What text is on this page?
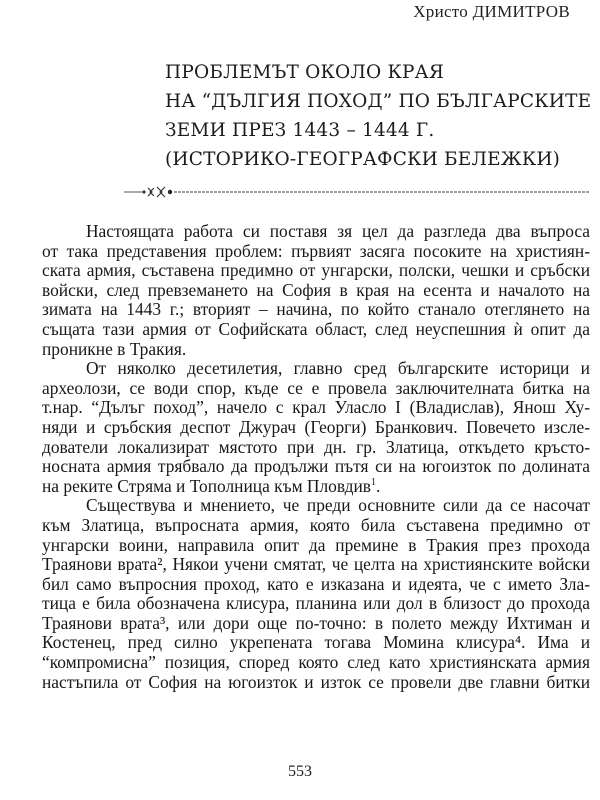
Христо ДИМИТРОВ
ПРОБЛЕМЪТ ОКОЛО КРАЯ
НА “ДЪЛГИЯ ПОХОД” ПО БЪЛГАРСКИТЕ
ЗЕМИ ПРЕЗ 1443 – 1444 Г.
(ИСТОРИКО-ГЕОГРАФСКИ БЕЛЕЖКИ)

Настоящата работа си поставя зя цел да разгледа два въпроса
от така представения проблем: първият засяга посоките на християн-
ската армия, съставена предимно от унгарски, полски, чешки и сръбски
войски, след превземането на София в края на есента и началото на
зимата на 1443 г.; вторият – начина, по който станало отеглянето на
същата тази армия от Софийската област, след неуспешния ѝ опит да
проникне в Тракия.

От няколко десетилетия, главно сред българските историци и
археолози, се води спор, къде се е провела заключителната битка на
т.нар. “Дълъг поход”, начело с крал Уласло I (Владислав), Янош Ху-
няди и сръбския деспот Джурач (Георги) Бранкович. Повечето изсле-
дователи локализират мястото при дн. гр. Златица, откъдето кръсто-
носната армия трябвало да продължи пътя си на югоизток по долината
на реките Стряма и Тополница към Пловдив$^1$.

Съществува и мнението, че преди основните сили да се насочат
към Златица, въпросната армия, която била съставена предимно от
унгарски воини, направила опит да премине в Тракия през прохода
Траянови врата², Някои учени смятат, че целта на християнските войски
бил само въпросния проход, като е изказана и идеята, че с името Зла-
тица е била обозначена клисура, планина или дол в близост до прохода
Траянови врата³, или дори още по-точно: в полето между Ихтиман и
Костенец, пред силно укрепената тогава Момина клисура⁴. Има и
“компромисна” позиция, според която след като християнската армия
настъпила от София на югоизток и изток се провели две главни битки

553
